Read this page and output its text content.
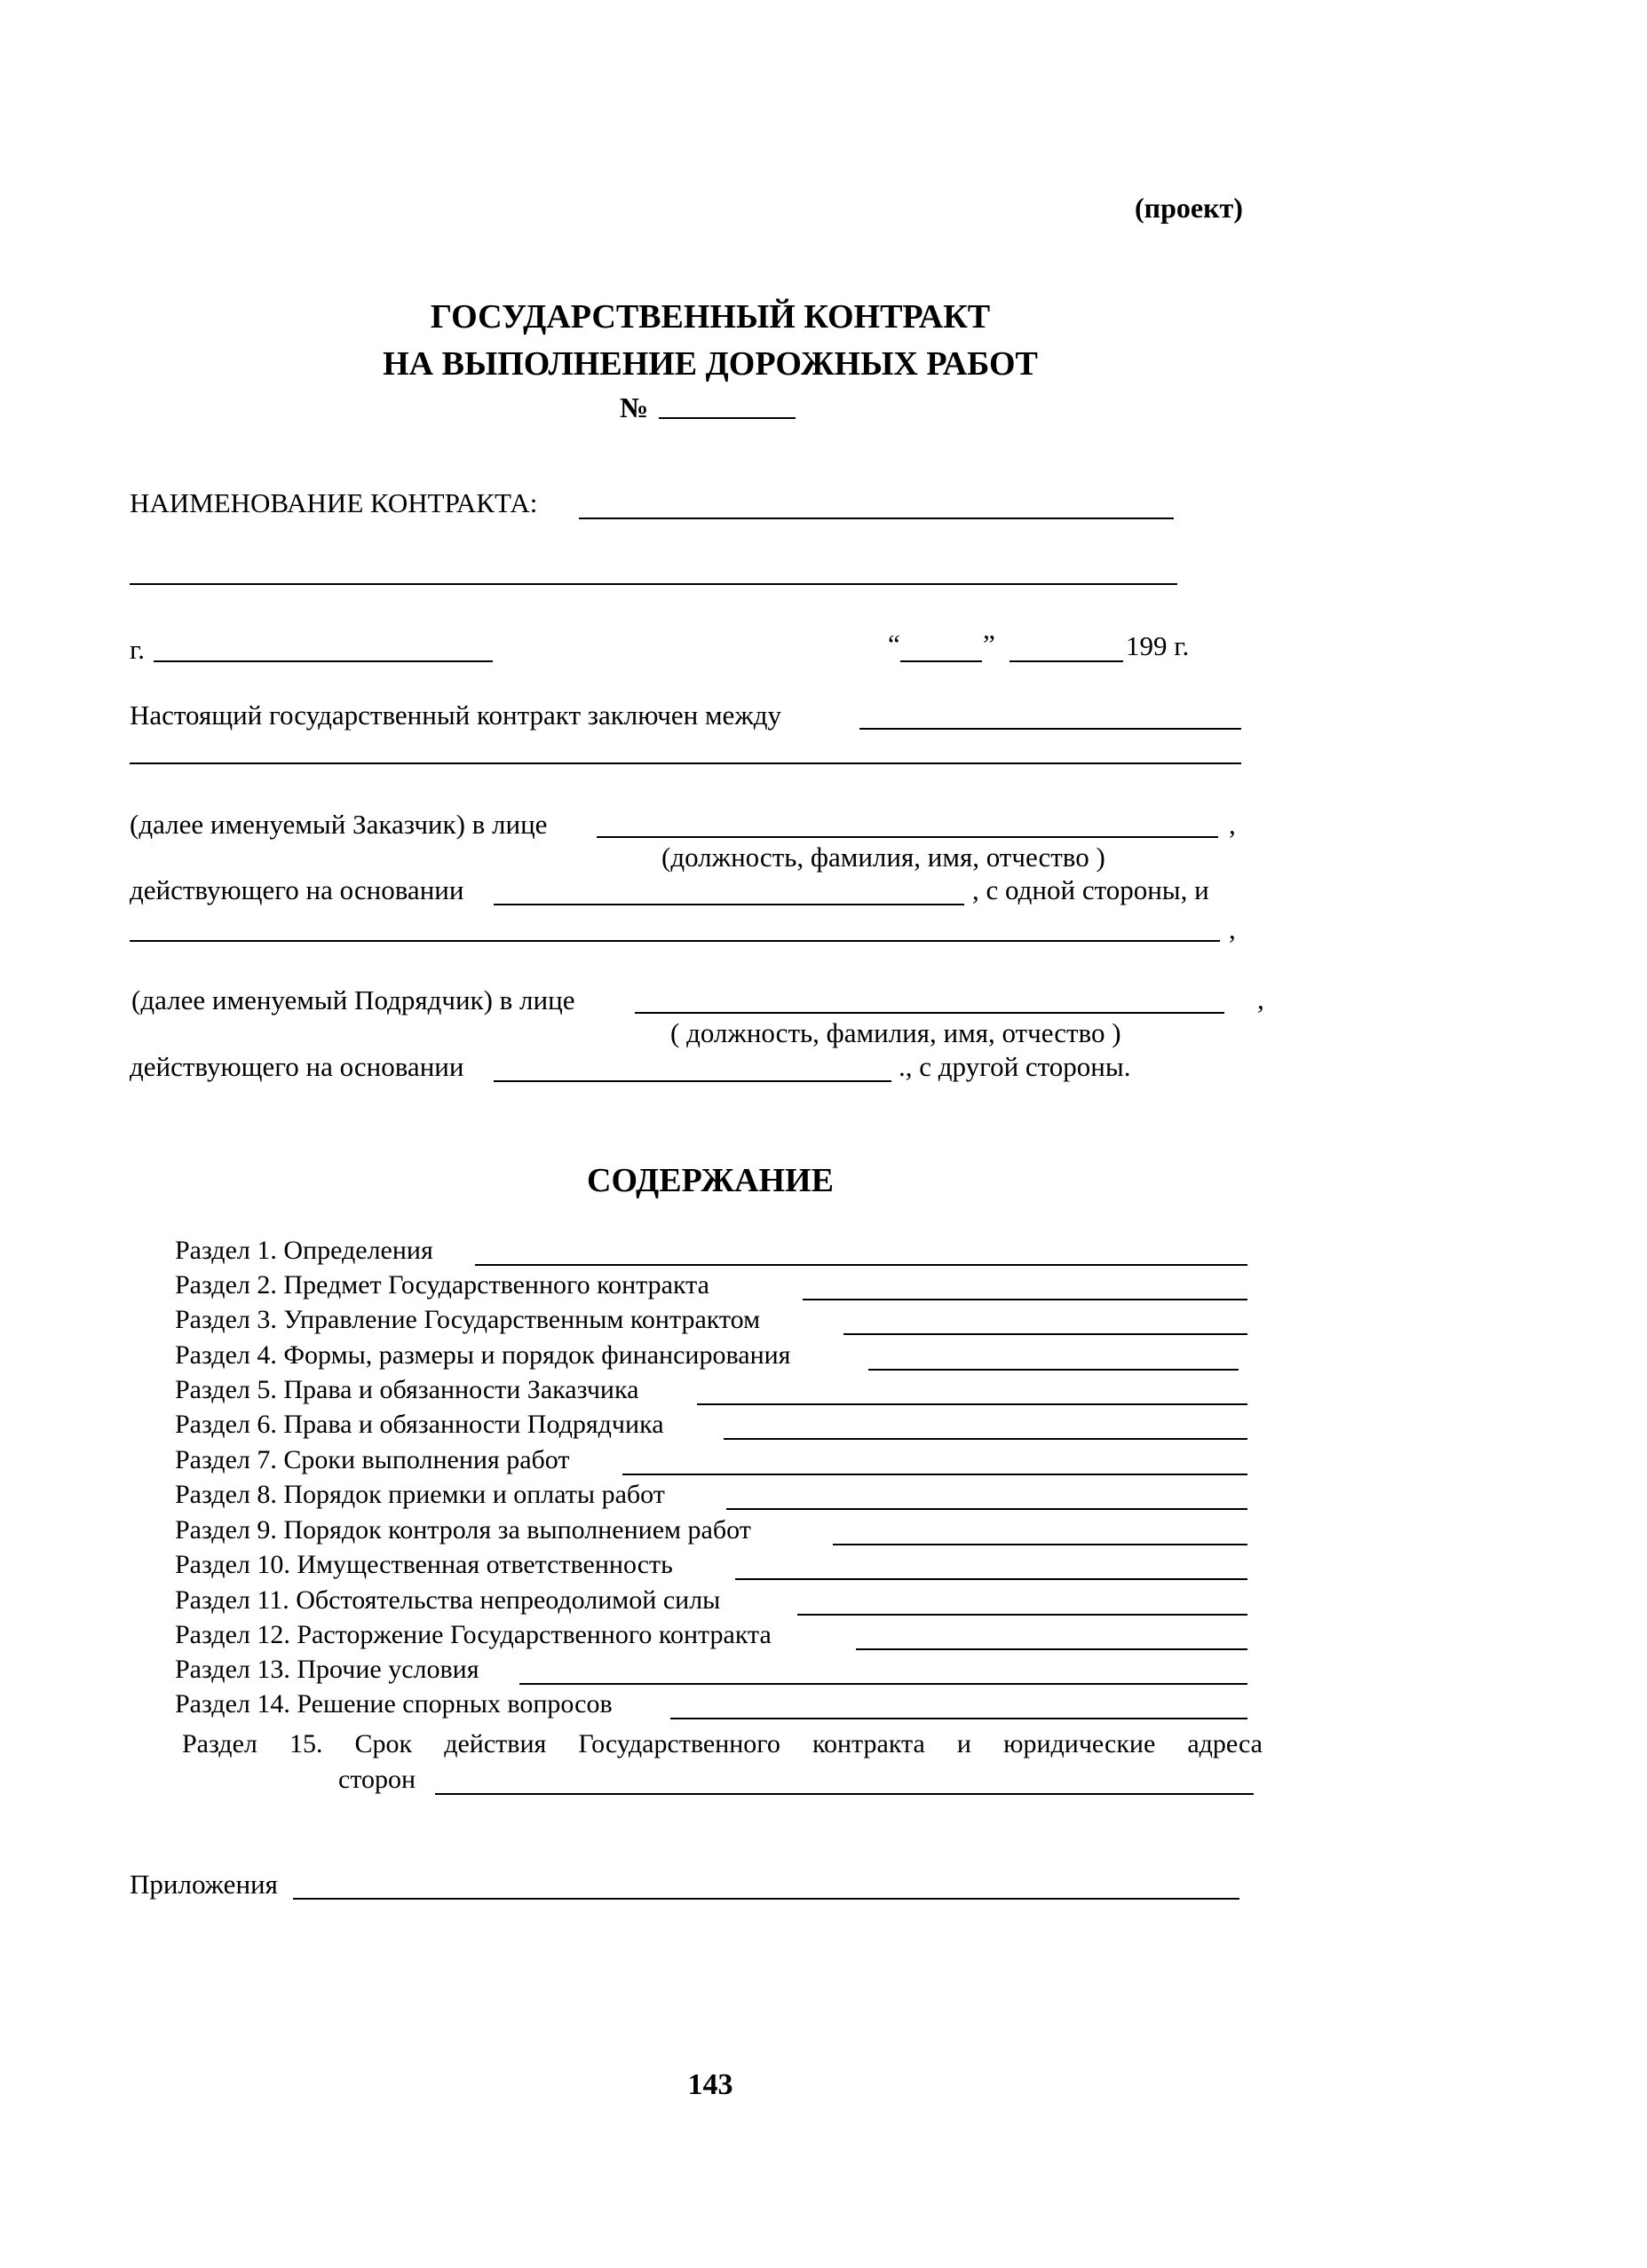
(проект)
ГОСУДАРСТВЕННЫЙ КОНТРАКТ
НА ВЫПОЛНЕНИЕ ДОРОЖНЫХ РАБОТ
№
НАИМЕНОВАНИЕ КОНТРАКТА:
г.	“	”	199 г.
Настоящий государственный контракт заключен между
(далее именуемый Заказчик) в лице	,
(должность, фамилия, имя, отчество )
действующего на основании	, с одной стороны, и
,
(далее именуемый Подрядчик) в лице	,
( должность, фамилия, имя, отчество )
действующего на основании	., с другой стороны.
СОДЕРЖАНИЕ
Раздел 1. Определения
Раздел 2. Предмет Государственного контракта
Раздел 3. Управление Государственным контрактом
Раздел 4. Формы, размеры и порядок финансирования
Раздел 5. Права и обязанности Заказчика
Раздел 6. Права и обязанности Подрядчика
Раздел 7. Сроки выполнения работ
Раздел 8. Порядок приемки и оплаты работ
Раздел 9. Порядок контроля за выполнением работ
Раздел 10. Имущественная ответственность
Раздел 11. Обстоятельства непреодолимой силы
Раздел 12. Расторжение Государственного контракта
Раздел 13. Прочие условия
Раздел 14. Решение спорных вопросов
Раздел 15. Срок действия Государственного контракта и юридические адреса
сторон
Приложения
143
